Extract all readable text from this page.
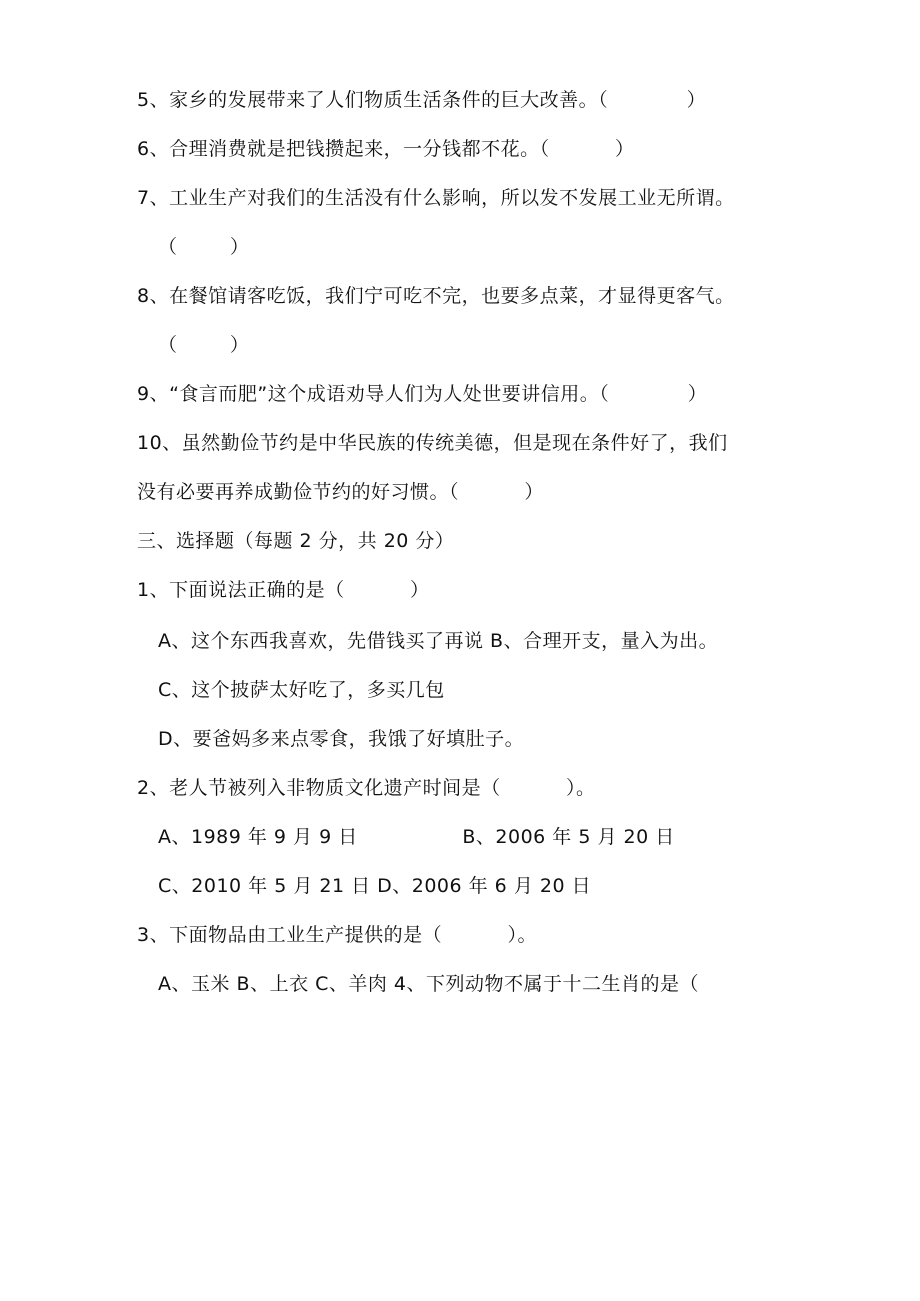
5、家乡的发展带来了人们物质生活条件的巨大改善。（            ）
6、合理消费就是把钱攒起来，一分钱都不花。（          ）
7、工业生产对我们的生活没有什么影响，所以发不发展工业无所谓。
（        ）
8、在餐馆请客吃饭，我们宁可吃不完，也要多点菜，才显得更客气。
（        ）
9、“食言而肥”这个成语劝导人们为人处世要讲信用。（            ）
10、虽然勤俭节约是中华民族的传统美德，但是现在条件好了，我们
没有必要再养成勤俭节约的好习惯。（          ）
三、选择题（每题 2 分，共 20 分）
1、下面说法正确的是（          ）
A、这个东西我喜欢，先借钱买了再说 B、合理开支，量入为出。
C、这个披萨太好吃了，多买几包
D、要爸妈多来点零食，我饿了好填肚子。
2、老人节被列入非物质文化遗产时间是（          ）。
A、1989 年 9 月 9 日                B、2006 年 5 月 20 日
C、2010 年 5 月 21 日 D、2006 年 6 月 20 日
3、下面物品由工业生产提供的是（          ）。
A、玉米 B、上衣 C、羊肉 4、下列动物不属于十二生肖的是（
